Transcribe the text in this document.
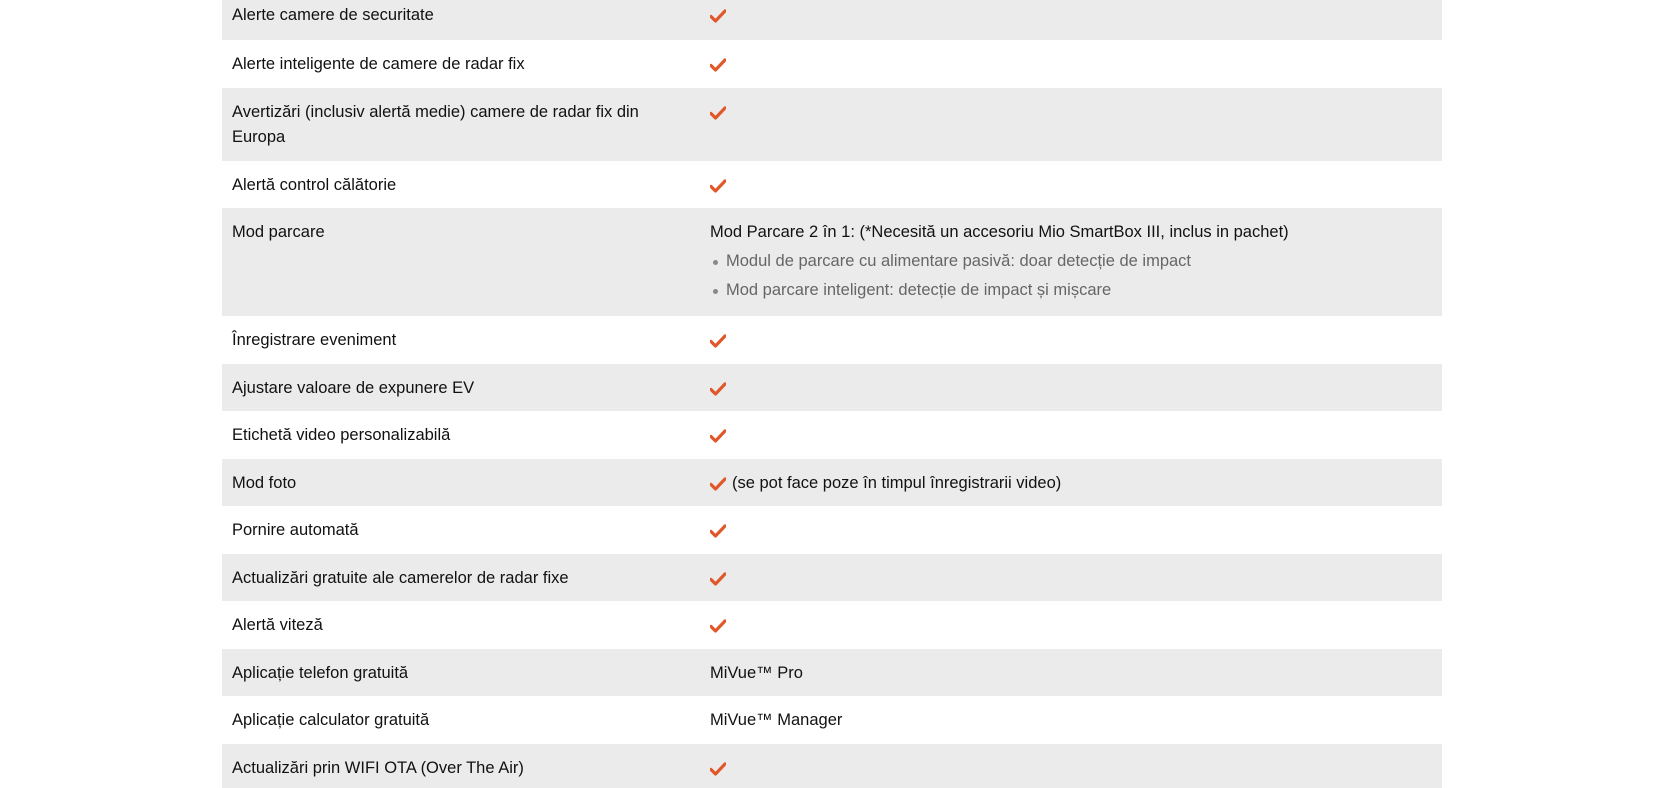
Alerte camere de securitate
Alerte inteligente de camere de radar fix
Avertizări (inclusiv alertă medie) camere de radar fix din Europa
Alertă control călătorie
Mod parcare	Mod Parcare 2 în 1: (*Necesită un accesoriu Mio SmartBox III, inclus in pachet)
Modul de parcare cu alimentare pasivă: doar detecție de impact
Mod parcare inteligent: detecție de impact și mișcare
Înregistrare eveniment
Ajustare valoare de expunere EV
Etichetă video personalizabilă
Mod foto	(se pot face poze în timpul înregistrarii video)
Pornire automată
Actualizări gratuite ale camerelor de radar fixe
Alertă viteză
Aplicație telefon gratuită	MiVue™ Pro
Aplicație calculator gratuită	MiVue™ Manager
Actualizări prin WIFI OTA (Over The Air)
